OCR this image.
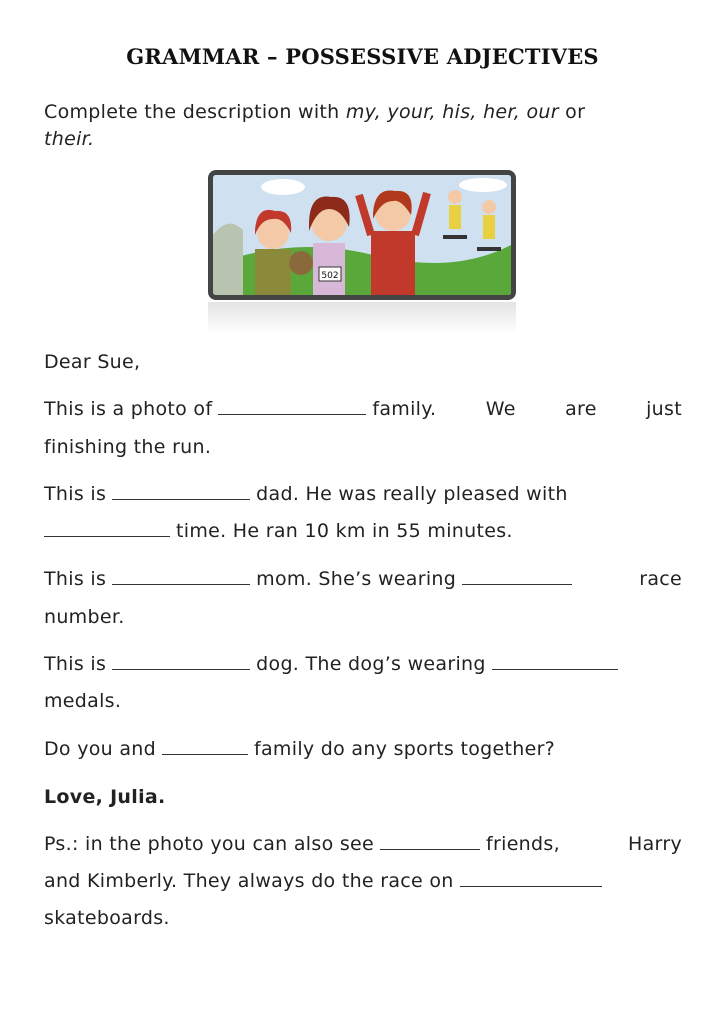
GRAMMAR – POSSESSIVE ADJECTIVES
Complete the description with my, your, his, her, our or
their.
502
Dear Sue,
This is a photo of	family.	We	are	just
finishing the run.
This is	dad. He was really pleased with
time. He ran 10 km in 55 minutes.
This is	mom. She’s wearing	race
number.
This is	dog. The dog’s wearing
medals.
Do you and	family do any sports together?
Love, Julia.
Ps.: in the photo you can also see	friends,	Harry
and Kimberly. They always do the race on
skateboards.
